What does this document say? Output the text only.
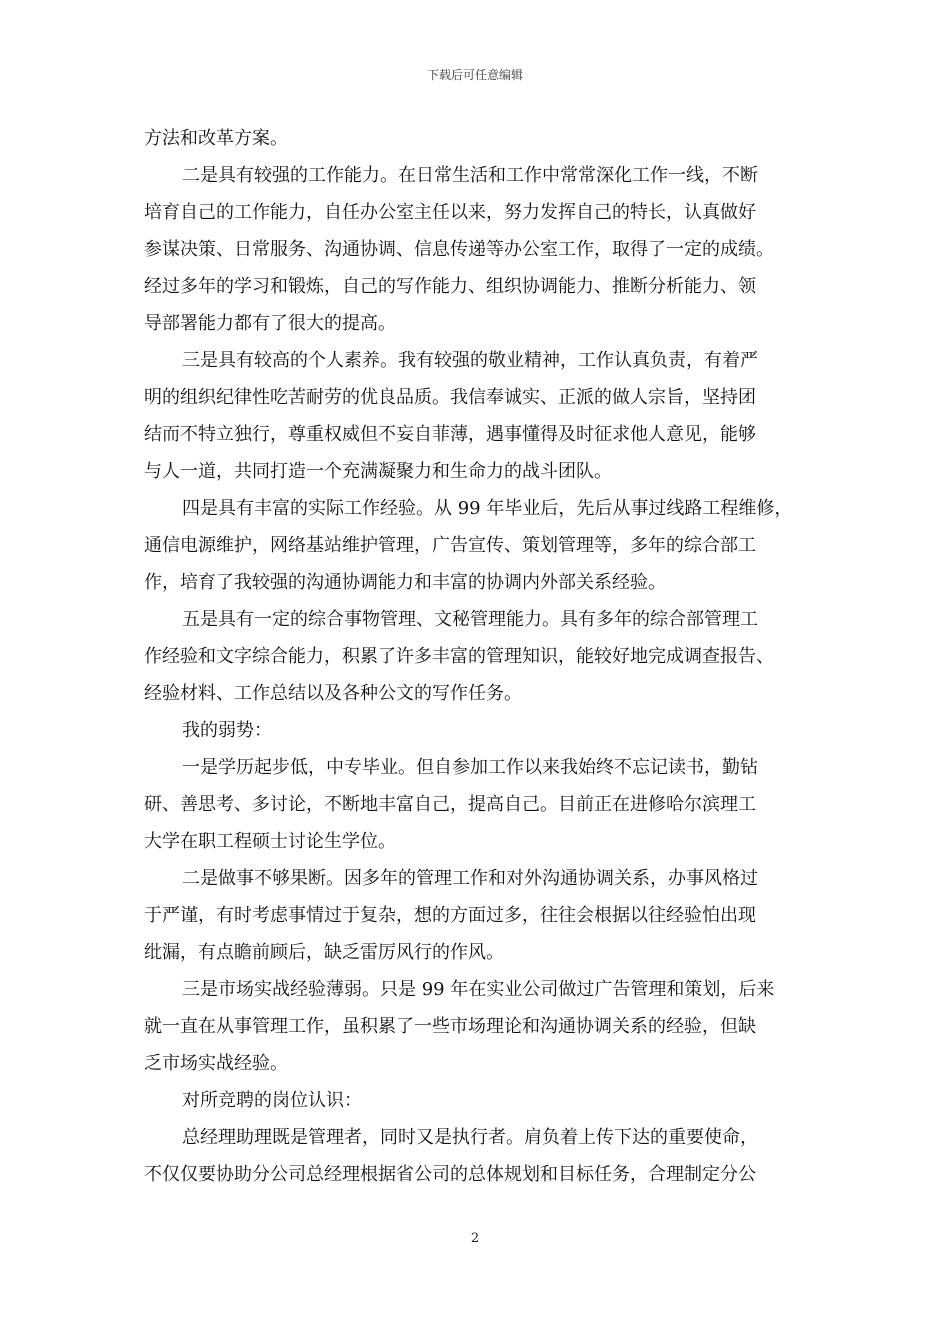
下载后可任意编辑
方法和改革方案。
二是具有较强的工作能力。在日常生活和工作中常常深化工作一线，不断
培育自己的工作能力，自任办公室主任以来，努力发挥自己的特长，认真做好
参谋决策、日常服务、沟通协调、信息传递等办公室工作，取得了一定的成绩。
经过多年的学习和锻炼，自己的写作能力、组织协调能力、推断分析能力、领
导部署能力都有了很大的提高。
三是具有较高的个人素养。我有较强的敬业精神，工作认真负责，有着严
明的组织纪律性吃苦耐劳的优良品质。我信奉诚实、正派的做人宗旨，坚持团
结而不特立独行，尊重权威但不妄自菲薄，遇事懂得及时征求他人意见，能够
与人一道，共同打造一个充满凝聚力和生命力的战斗团队。
四是具有丰富的实际工作经验。从 99 年毕业后，先后从事过线路工程维修，
通信电源维护，网络基站维护管理，广告宣传、策划管理等，多年的综合部工
作，培育了我较强的沟通协调能力和丰富的协调内外部关系经验。
五是具有一定的综合事物管理、文秘管理能力。具有多年的综合部管理工
作经验和文字综合能力，积累了许多丰富的管理知识，能较好地完成调查报告、
经验材料、工作总结以及各种公文的写作任务。
我的弱势：
一是学历起步低，中专毕业。但自参加工作以来我始终不忘记读书，勤钻
研、善思考、多讨论，不断地丰富自己，提高自己。目前正在进修哈尔滨理工
大学在职工程硕士讨论生学位。
二是做事不够果断。因多年的管理工作和对外沟通协调关系，办事风格过
于严谨，有时考虑事情过于复杂，想的方面过多，往往会根据以往经验怕出现
纰漏，有点瞻前顾后，缺乏雷厉风行的作风。
三是市场实战经验薄弱。只是 99 年在实业公司做过广告管理和策划，后来
就一直在从事管理工作，虽积累了一些市场理论和沟通协调关系的经验，但缺
乏市场实战经验。
对所竞聘的岗位认识：
总经理助理既是管理者，同时又是执行者。肩负着上传下达的重要使命，
不仅仅要协助分公司总经理根据省公司的总体规划和目标任务，合理制定分公
2
